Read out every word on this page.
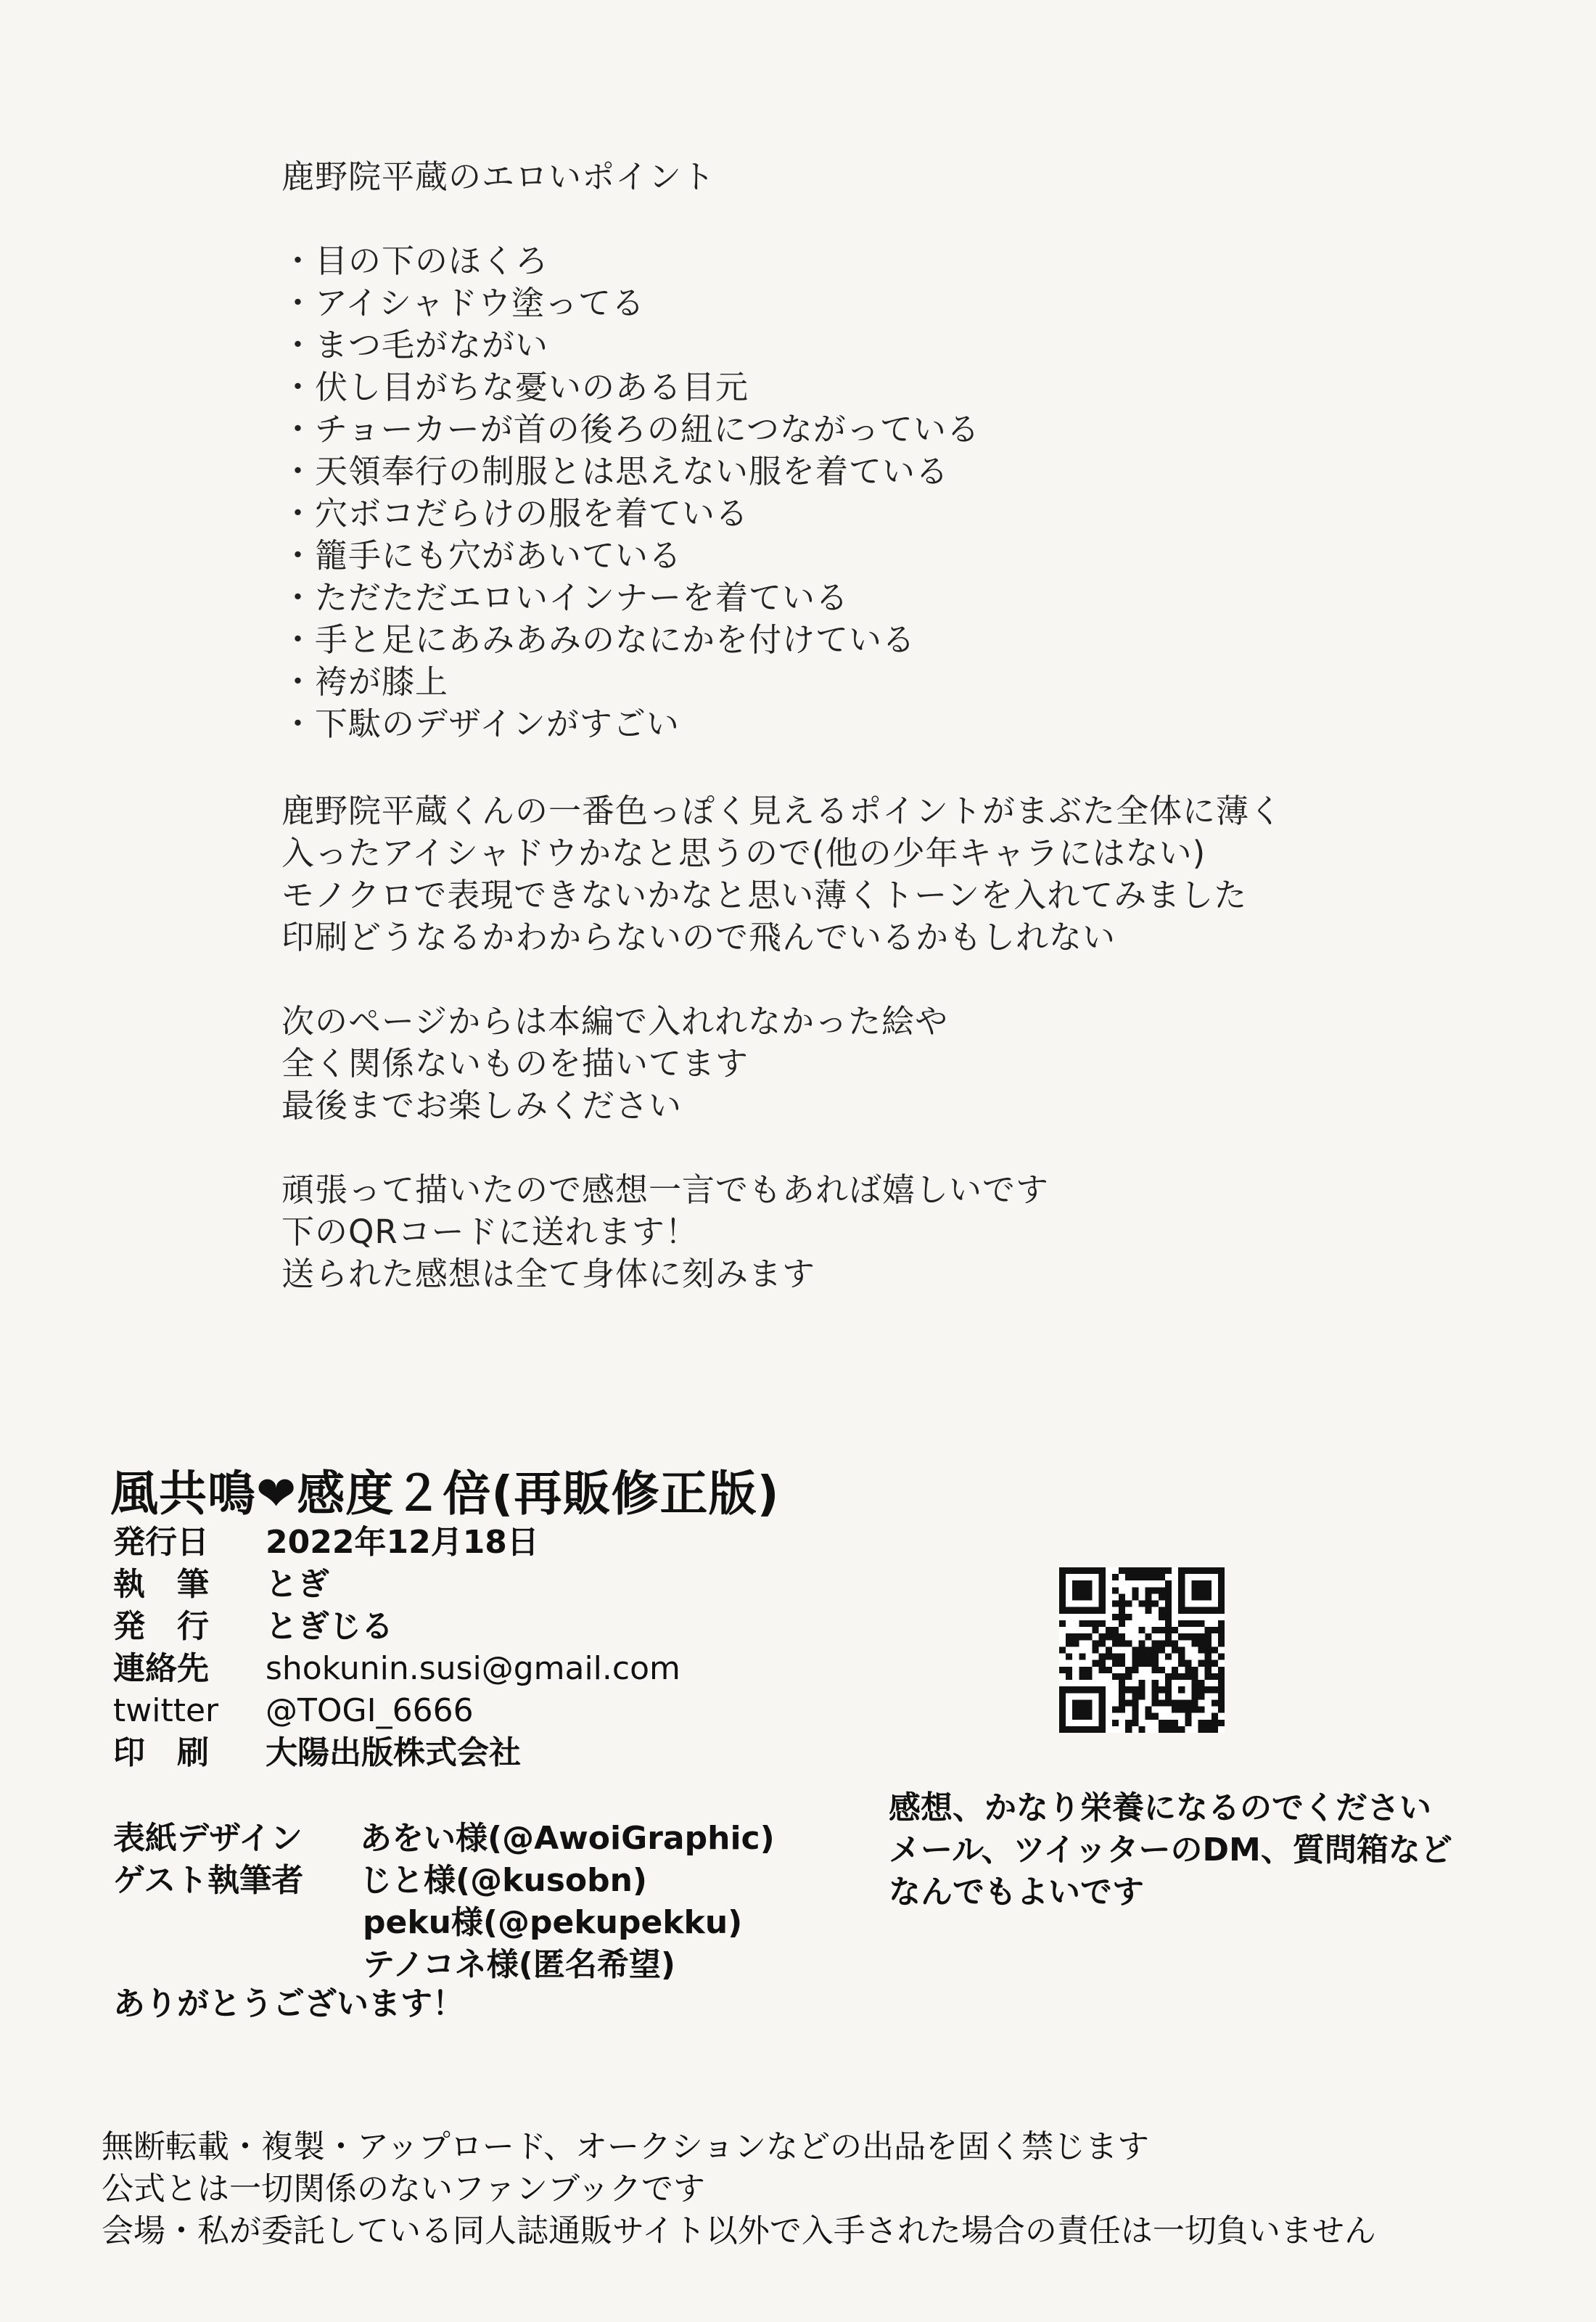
鹿野院平蔵のエロいポイント
・目の下のほくろ
・アイシャドウ塗ってる
・まつ毛がながい
・伏し目がちな憂いのある目元
・チョーカーが首の後ろの紐につながっている
・天領奉行の制服とは思えない服を着ている
・穴ボコだらけの服を着ている
・籠手にも穴があいている
・ただただエロいインナーを着ている
・手と足にあみあみのなにかを付けている
・袴が膝上
・下駄のデザインがすごい
鹿野院平蔵くんの一番色っぽく見えるポイントがまぶた全体に薄く
入ったアイシャドウかなと思うので(他の少年キャラにはない)
モノクロで表現できないかなと思い薄くトーンを入れてみました
印刷どうなるかわからないので飛んでいるかもしれない
次のページからは本編で入れれなかった絵や
全く関係ないものを描いてます
最後までお楽しみください
頑張って描いたので感想一言でもあれば嬉しいです
下のQRコードに送れます！
送られた感想は全て身体に刻みます
風共鳴❤感度２倍(再販修正版)
発行日 2022年12月18日
執　筆 とぎ
発　行 とぎじる
連絡先 shokunin.susi@gmail.com
twitter @TOGI_6666
印　刷 大陽出版株式会社
表紙デザイン あをい様(@AwoiGraphic)
ゲスト執筆者 じと様(@kusobn)
peku様(@pekupekku)
テノコネ様(匿名希望)
ありがとうございます！
感想、かなり栄養になるのでください
メール、ツイッターのDM、質問箱など
なんでもよいです
無断転載・複製・アップロード、オークションなどの出品を固く禁じます
公式とは一切関係のないファンブックです
会場・私が委託している同人誌通販サイト以外で入手された場合の責任は一切負いません
